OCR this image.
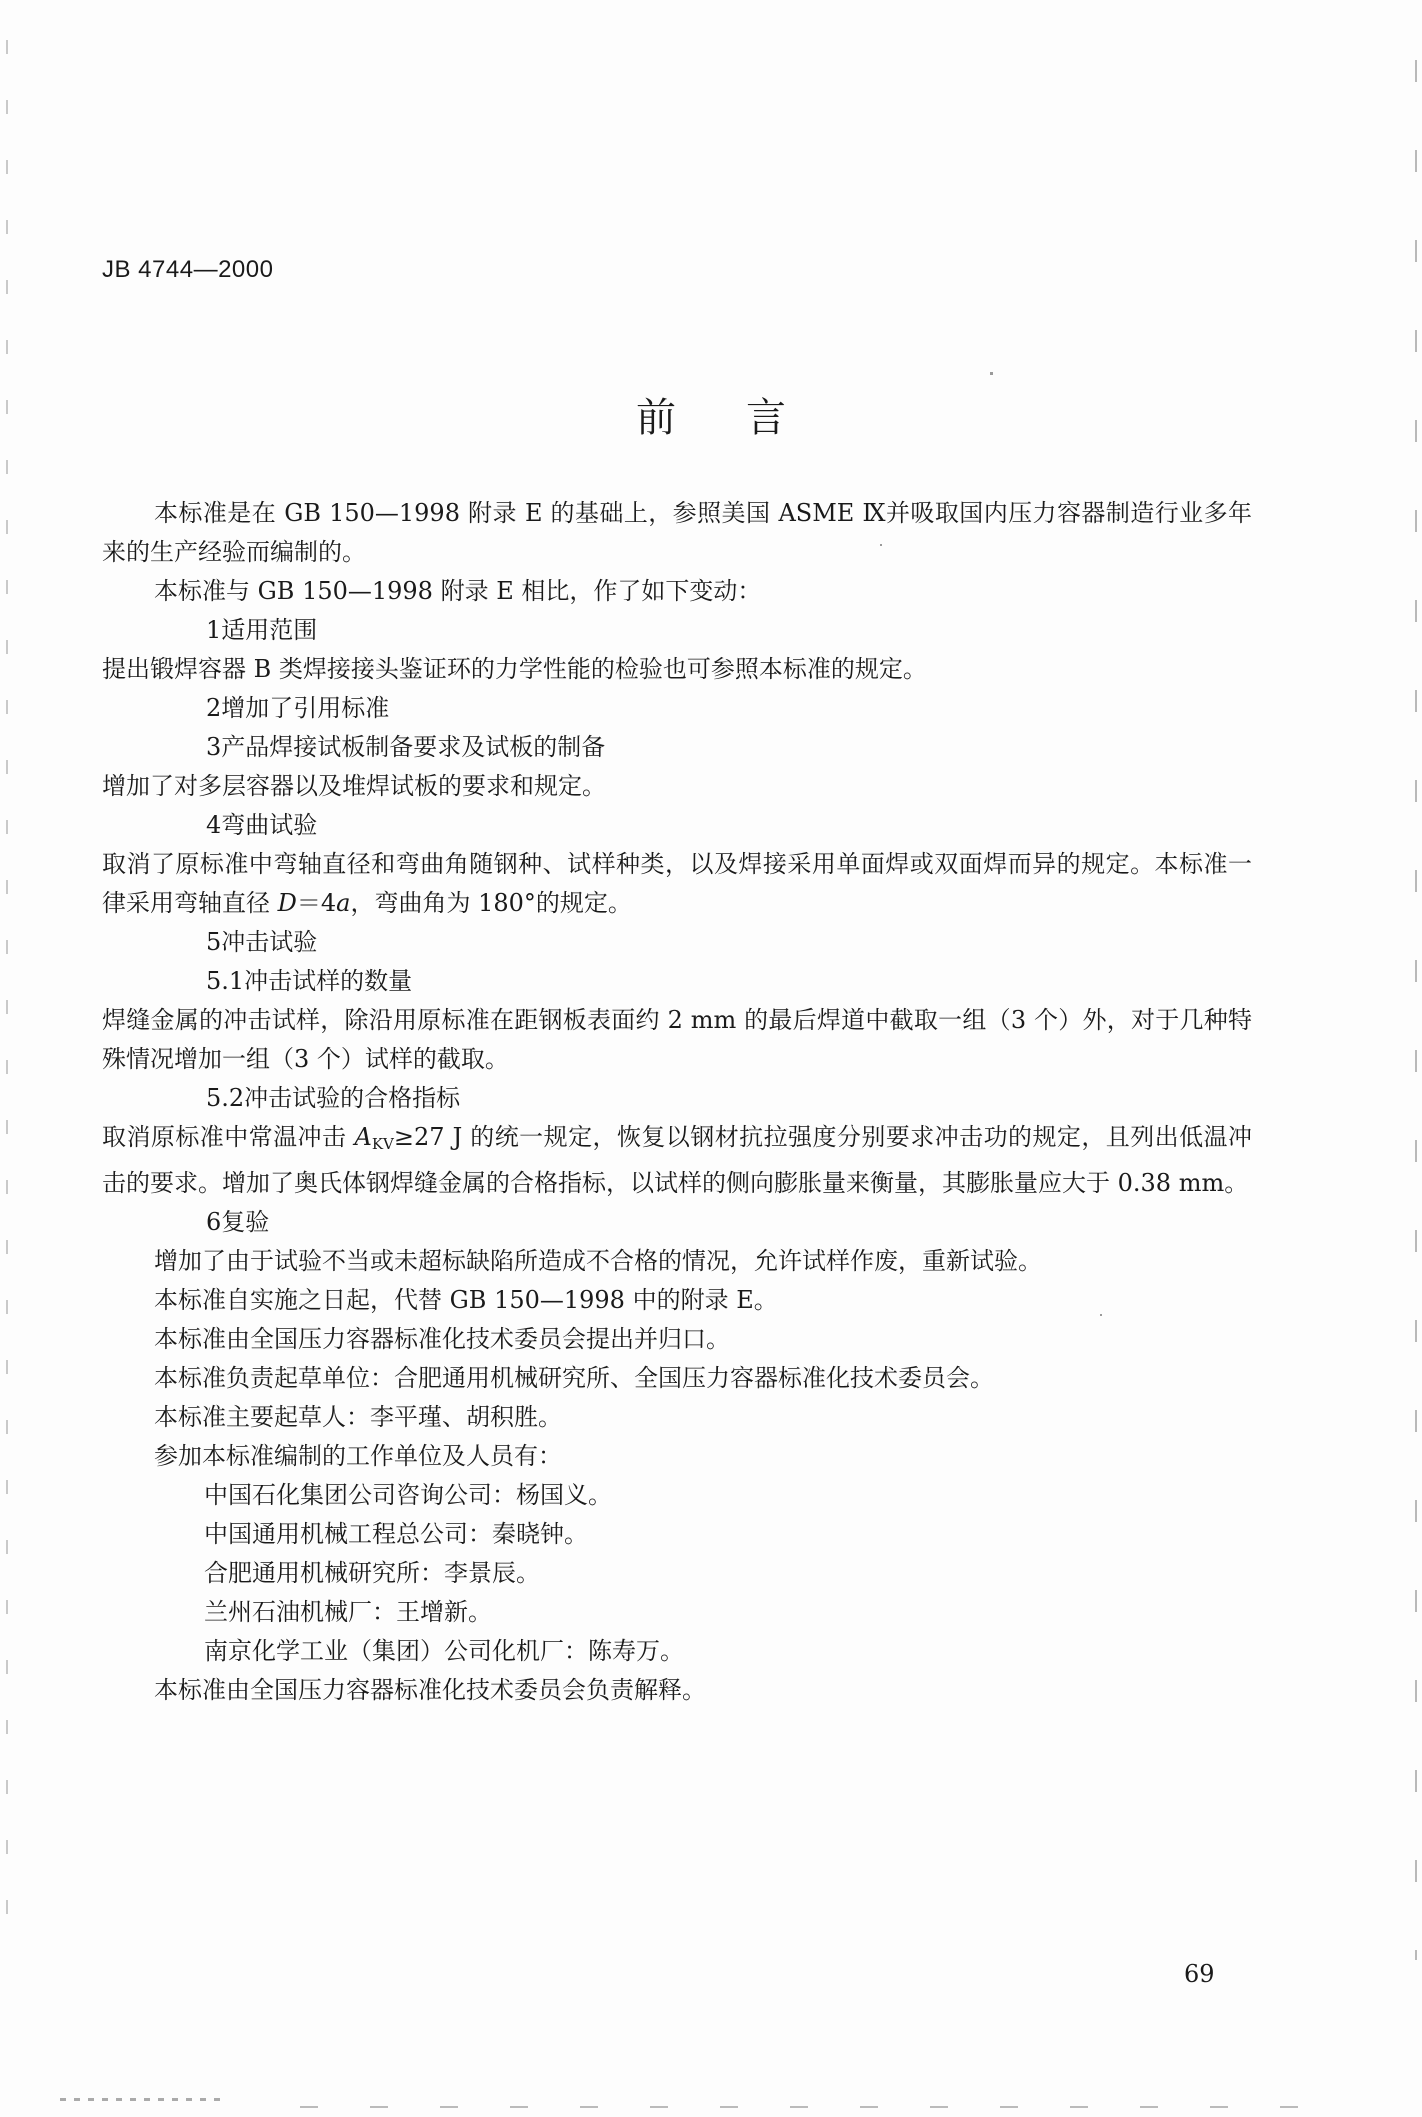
JB 4744—2000
前言

本标准是在 GB 150—1998 附录 E 的基础上，参照美国 ASME Ⅸ并吸取国内压力容器制造行业多年来的生产经验而编制的。

本标准与 GB 150—1998 附录 E 相比，作了如下变动：

1适用范围

提出锻焊容器 B 类焊接接头鉴证环的力学性能的检验也可参照本标准的规定。

2增加了引用标准

3产品焊接试板制备要求及试板的制备

增加了对多层容器以及堆焊试板的要求和规定。

4弯曲试验

取消了原标准中弯轴直径和弯曲角随钢种、试样种类，以及焊接采用单面焊或双面焊而异的规定。本标准一律采用弯轴直径 D＝4a，弯曲角为 180°的规定。

5冲击试验

5.1冲击试样的数量

焊缝金属的冲击试样，除沿用原标准在距钢板表面约 2 mm 的最后焊道中截取一组（3 个）外，对于几种特殊情况增加一组（3 个）试样的截取。

5.2冲击试验的合格指标

取消原标准中常温冲击 $A_{KV}\ge 27$ J 的统一规定，恢复以钢材抗拉强度分别要求冲击功的规定，且列出低温冲击的要求。增加了奥氏体钢焊缝金属的合格指标，以试样的侧向膨胀量来衡量，其膨胀量应大于 0.38 mm。

6复验

增加了由于试验不当或未超标缺陷所造成不合格的情况，允许试样作废，重新试验。

本标准自实施之日起，代替 GB 150—1998 中的附录 E。

本标准由全国压力容器标准化技术委员会提出并归口。

本标准负责起草单位：合肥通用机械研究所、全国压力容器标准化技术委员会。

本标准主要起草人：李平瑾、胡积胜。

参加本标准编制的工作单位及人员有：

中国石化集团公司咨询公司：杨国义。

中国通用机械工程总公司：秦晓钟。

合肥通用机械研究所：李景辰。

兰州石油机械厂：王增新。

南京化学工业（集团）公司化机厂：陈寿万。

本标准由全国压力容器标准化技术委员会负责解释。

69
